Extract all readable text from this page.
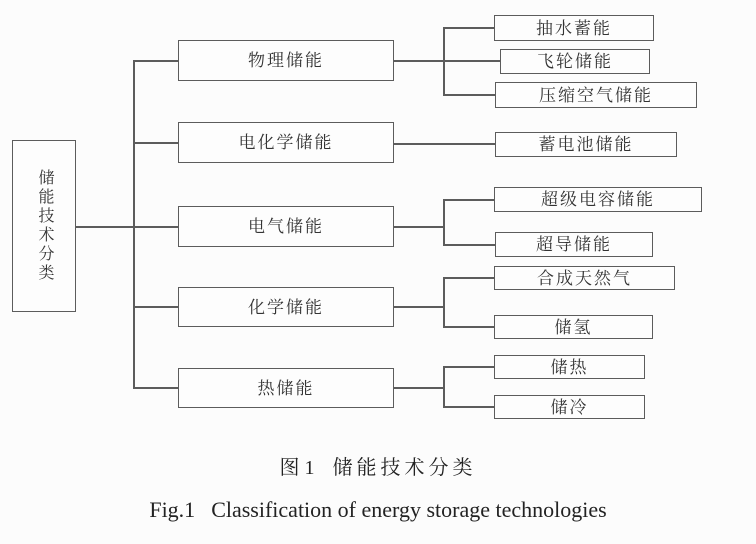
储能技术分类
物理储能
电化学储能
电气储能
化学储能
热储能
抽水蓄能
飞轮储能
压缩空气储能
蓄电池储能
超级电容储能
超导储能
合成天然气
储氢
储热
储冷
图 1 储能技术分类
Fig.1 Classification of energy storage technologies
